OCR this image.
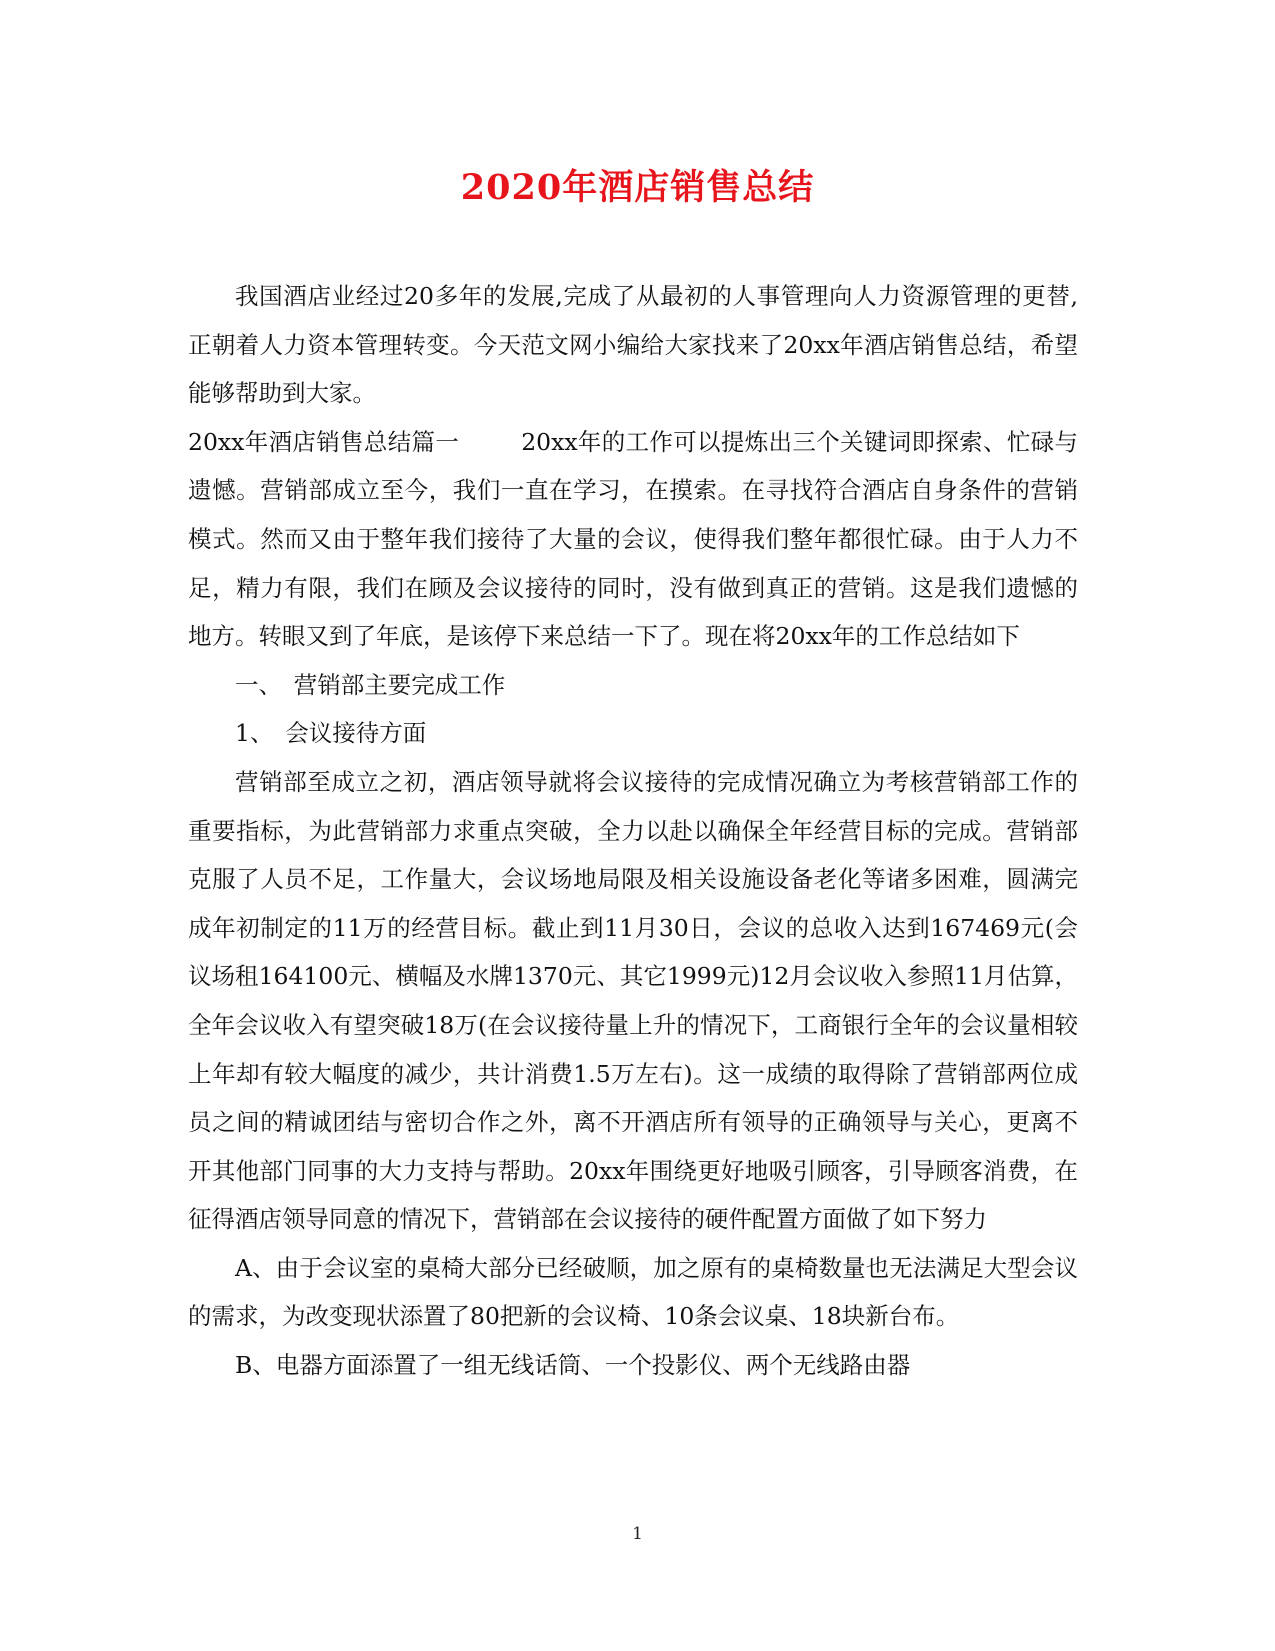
2020年酒店销售总结

我国酒店业经过20多年的发展,完成了从最初的人事管理向人力资源管理的更替,正朝着人力资本管理转变。今天范文网小编给大家找来了20xx年酒店销售总结，希望能够帮助到大家。

20xx年酒店销售总结篇一	20xx年的工作可以提炼出三个关键词即探索、忙碌与遗憾。营销部成立至今，我们一直在学习，在摸索。在寻找符合酒店自身条件的营销模式。然而又由于整年我们接待了大量的会议，使得我们整年都很忙碌。由于人力不足，精力有限，我们在顾及会议接待的同时，没有做到真正的营销。这是我们遗憾的地方。转眼又到了年底，是该停下来总结一下了。现在将20xx年的工作总结如下

一、　营销部主要完成工作

1、　会议接待方面

营销部至成立之初，酒店领导就将会议接待的完成情况确立为考核营销部工作的重要指标，为此营销部力求重点突破，全力以赴以确保全年经营目标的完成。营销部克服了人员不足，工作量大，会议场地局限及相关设施设备老化等诸多困难，圆满完成年初制定的11万的经营目标。截止到11月30日，会议的总收入达到167469元(会议场租164100元、横幅及水牌1370元、其它1999元)12月会议收入参照11月估算，全年会议收入有望突破18万(在会议接待量上升的情况下，工商银行全年的会议量相较上年却有较大幅度的减少，共计消费1.5万左右)。这一成绩的取得除了营销部两位成员之间的精诚团结与密切合作之外，离不开酒店所有领导的正确领导与关心，更离不开其他部门同事的大力支持与帮助。20xx年围绕更好地吸引顾客，引导顾客消费，在征得酒店领导同意的情况下，营销部在会议接待的硬件配置方面做了如下努力

A、由于会议室的桌椅大部分已经破顺，加之原有的桌椅数量也无法满足大型会议的需求，为改变现状添置了80把新的会议椅、10条会议桌、18块新台布。

B、电器方面添置了一组无线话筒、一个投影仪、两个无线路由器

1
